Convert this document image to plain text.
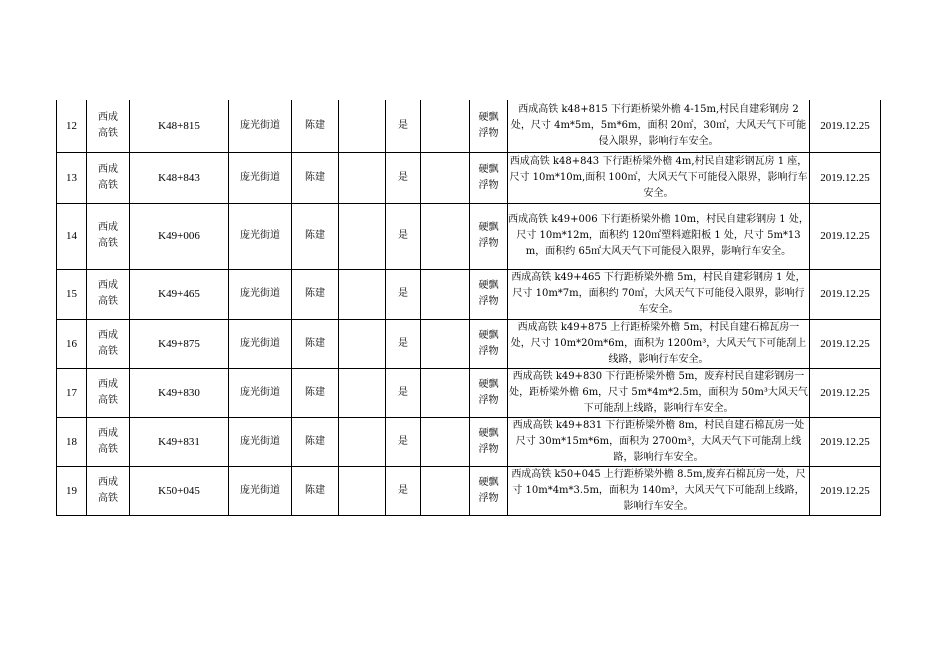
12	西成高铁	K48+815	庞光街道	陈建		是		硬飘浮物	西成高铁 k48+815 下行距桥梁外檐 4-15m,村民自建彩钢房 2 处，尺寸 4m*5m，5m*6m，面积 20㎡，30㎡，大风天气下可能侵入限界，影响行车安全。	2019.12.25
13	西成高铁	K48+843	庞光街道	陈建		是		硬飘浮物	西成高铁 k48+843 下行距桥梁外檐 4m,村民自建彩钢瓦房 1 座，尺寸 10m*10m,面积 100㎡，大风天气下可能侵入限界，影响行车安全。	2019.12.25
14	西成高铁	K49+006	庞光街道	陈建		是		硬飘浮物	西成高铁 k49+006 下行距桥梁外檐 10m，村民自建彩钢房 1 处，尺寸 10m*12m，面积约 120㎡塑料遮阳板 1 处，尺寸 5m*13m，面积约 65㎡大风天气下可能侵入限界，影响行车安全。	2019.12.25
15	西成高铁	K49+465	庞光街道	陈建		是		硬飘浮物	西成高铁 k49+465 下行距桥梁外檐 5m，村民自建彩钢房 1 处，尺寸 10m*7m，面积约 70㎡，大风天气下可能侵入限界，影响行车安全。	2019.12.25
16	西成高铁	K49+875	庞光街道	陈建		是		硬飘浮物	西成高铁 k49+875 上行距桥梁外檐 5m，村民自建石棉瓦房一处，尺寸 10m*20m*6m，面积为 1200m³，大风天气下可能刮上线路，影响行车安全。	2019.12.25
17	西成高铁	K49+830	庞光街道	陈建		是		硬飘浮物	西成高铁 k49+830 下行距桥梁外檐 5m，废弃村民自建彩钢房一处，距桥梁外檐 6m，尺寸 5m*4m*2.5m，面积为 50m³大风天气下可能刮上线路，影响行车安全。	2019.12.25
18	西成高铁	K49+831	庞光街道	陈建		是		硬飘浮物	西成高铁 k49+831 下行距桥梁外檐 8m，村民自建石棉瓦房一处尺寸 30m*15m*6m，面积为 2700m³，大风天气下可能刮上线路，影响行车安全。	2019.12.25
19	西成高铁	K50+045	庞光街道	陈建		是		硬飘浮物	西成高铁 k50+045 上行距桥梁外檐 8.5m,废弃石棉瓦房一处，尺寸 10m*4m*3.5m，面积为 140m³，大风天气下可能刮上线路，影响行车安全。	2019.12.25
